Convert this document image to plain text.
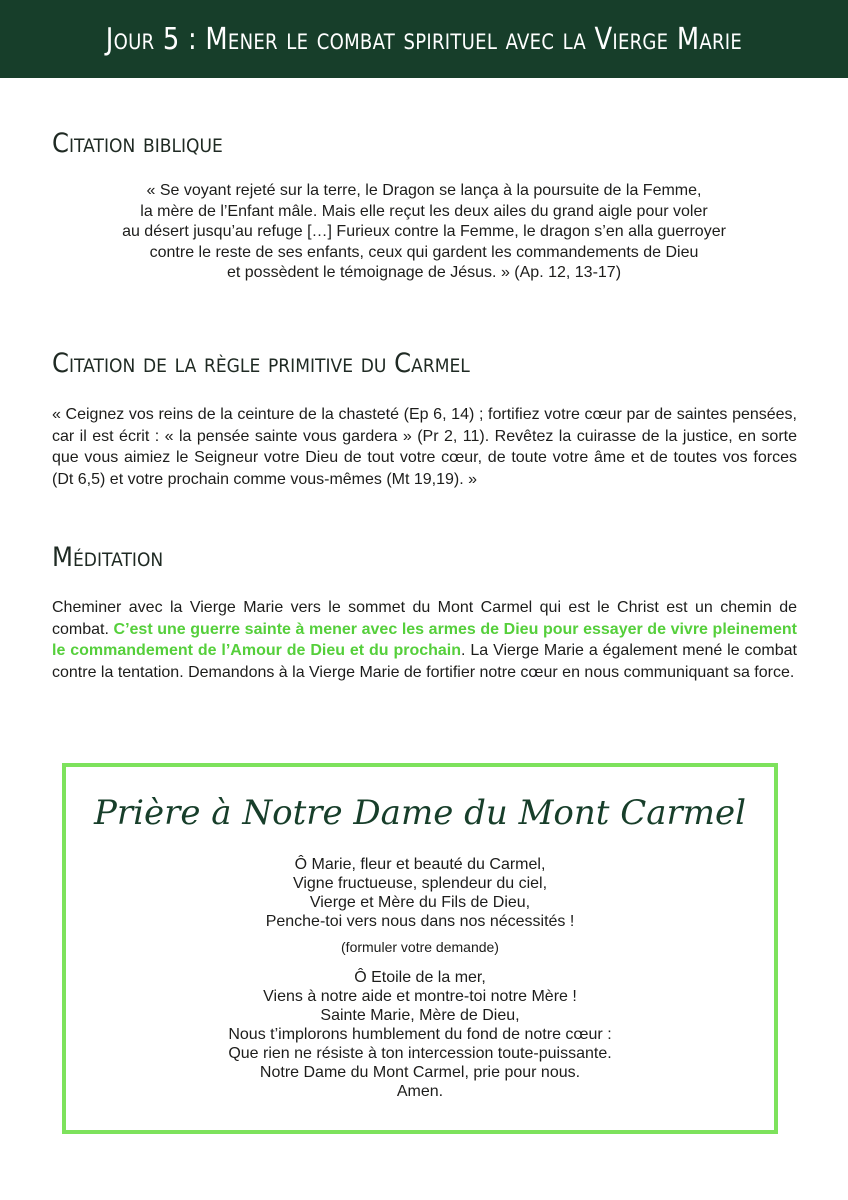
Jour 5 : Mener le combat spirituel avec la Vierge Marie
Citation biblique

« Se voyant rejeté sur la terre, le Dragon se lança à la poursuite de la Femme,
la mère de l’Enfant mâle. Mais elle reçut les deux ailes du grand aigle pour voler
au désert jusqu’au refuge […] Furieux contre la Femme, le dragon s’en alla guerroyer
contre le reste de ses enfants, ceux qui gardent les commandements de Dieu
et possèdent le témoignage de Jésus. » (Ap. 12, 13-17)

Citation de la règle primitive du Carmel

« Ceignez vos reins de la ceinture de la chasteté (Ep 6, 14) ; fortifiez votre cœur par de saintes pensées, car il est écrit : « la pensée sainte vous gardera » (Pr 2, 11). Revêtez la cuirasse de la justice, en sorte que vous aimiez le Seigneur votre Dieu de tout votre cœur, de toute votre âme et de toutes vos forces (Dt 6,5) et votre prochain comme vous-mêmes (Mt 19,19). »

Méditation

Cheminer avec la Vierge Marie vers le sommet du Mont Carmel qui est le Christ est un chemin de combat. C’est une guerre sainte à mener avec les armes de Dieu pour essayer de vivre pleinement le commandement de l’Amour de Dieu et du prochain. La Vierge Marie a également mené le combat contre la tentation. Demandons à la Vierge Marie de fortifier notre cœur en nous communiquant sa force.

Prière à Notre Dame du Mont Carmel
Ô Marie, fleur et beauté du Carmel,
Vigne fructueuse, splendeur du ciel,
Vierge et Mère du Fils de Dieu,
Penche-toi vers nous dans nos nécessités !
(formuler votre demande)
Ô Etoile de la mer,
Viens à notre aide et montre-toi notre Mère !
Sainte Marie, Mère de Dieu,
Nous t’implorons humblement du fond de notre cœur :
Que rien ne résiste à ton intercession toute-puissante.
Notre Dame du Mont Carmel, prie pour nous.
Amen.
